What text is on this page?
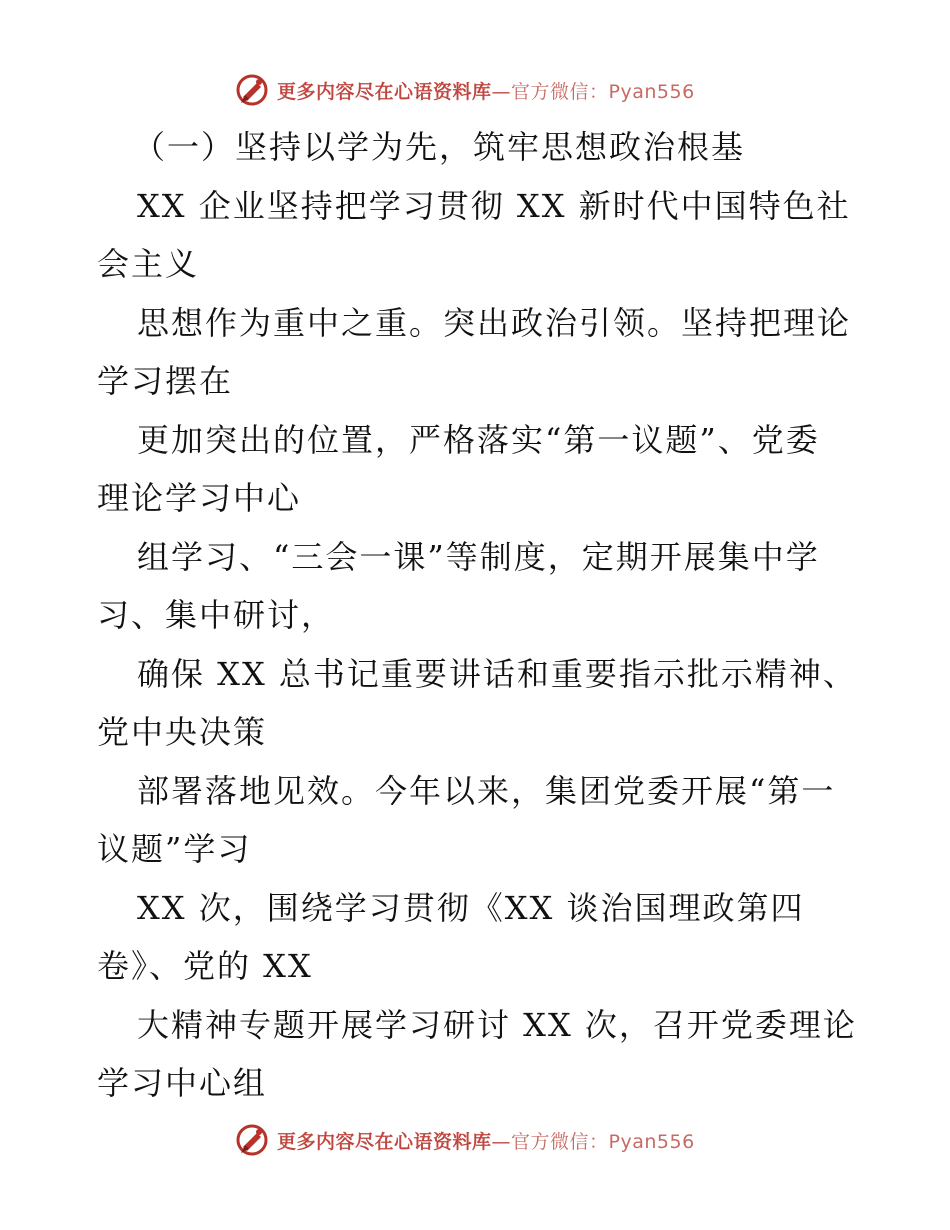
更多内容尽在心语资料库—官方微信：Pyan556
（一）坚持以学为先，筑牢思想政治根基
XX 企业坚持把学习贯彻 XX 新时代中国特色社
会主义
思想作为重中之重。突出政治引领。坚持把理论
学习摆在
更加突出的位置，严格落实“第一议题”、党委
理论学习中心
组学习、“三会一课”等制度，定期开展集中学
习、集中研讨，
确保 XX 总书记重要讲话和重要指示批示精神、
党中央决策
部署落地见效。今年以来，集团党委开展“第一
议题”学习
XX 次，围绕学习贯彻《XX 谈治国理政第四
卷》、党的 XX
大精神专题开展学习研讨 XX 次，召开党委理论
学习中心组
更多内容尽在心语资料库—官方微信：Pyan556
